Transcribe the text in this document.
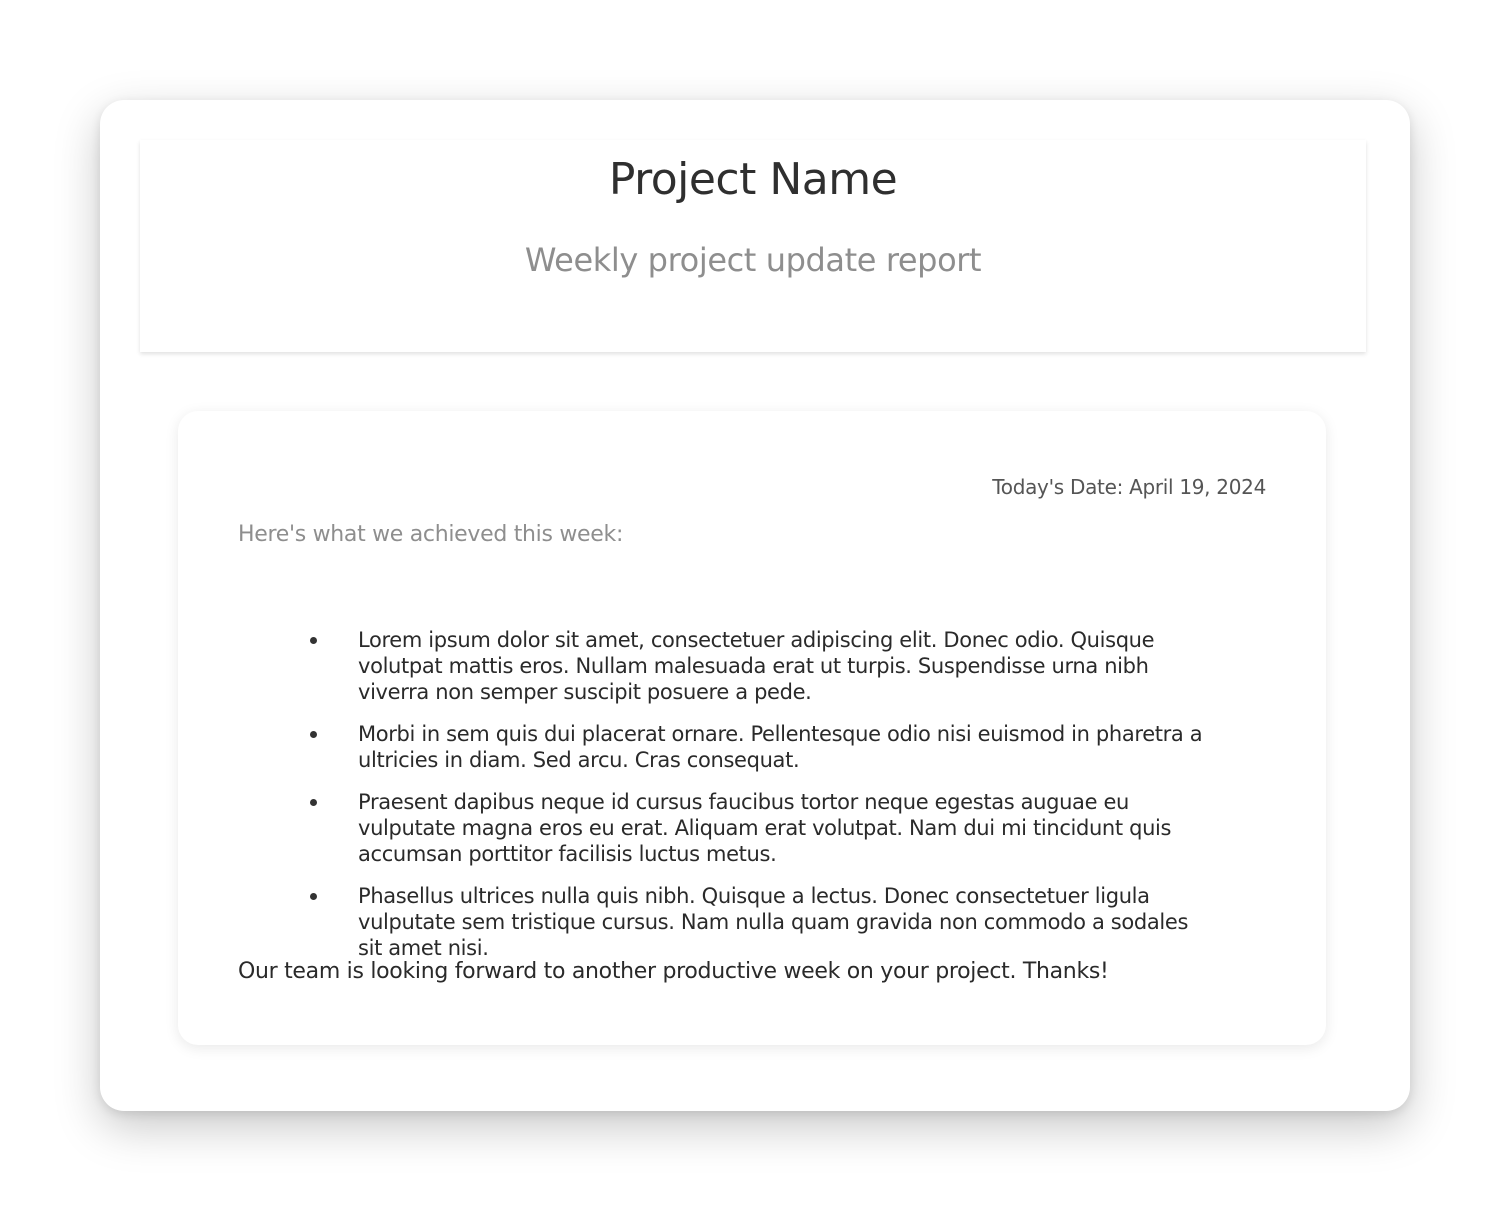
Project Name
Weekly project update report
Today's Date: April 19, 2024
Here's what we achieved this week:
Lorem ipsum dolor sit amet, consectetuer adipiscing elit. Donec odio. Quisque volutpat mattis eros. Nullam malesuada erat ut turpis. Suspendisse urna nibh viverra non semper suscipit posuere a pede.
Morbi in sem quis dui placerat ornare. Pellentesque odio nisi euismod in pharetra a ultricies in diam. Sed arcu. Cras consequat.
Praesent dapibus neque id cursus faucibus tortor neque egestas auguae eu vulputate magna eros eu erat. Aliquam erat volutpat. Nam dui mi tincidunt quis accumsan porttitor facilisis luctus metus.
Phasellus ultrices nulla quis nibh. Quisque a lectus. Donec consectetuer ligula vulputate sem tristique cursus. Nam nulla quam gravida non commodo a sodales sit amet nisi.
Our team is looking forward to another productive week on your project. Thanks!
